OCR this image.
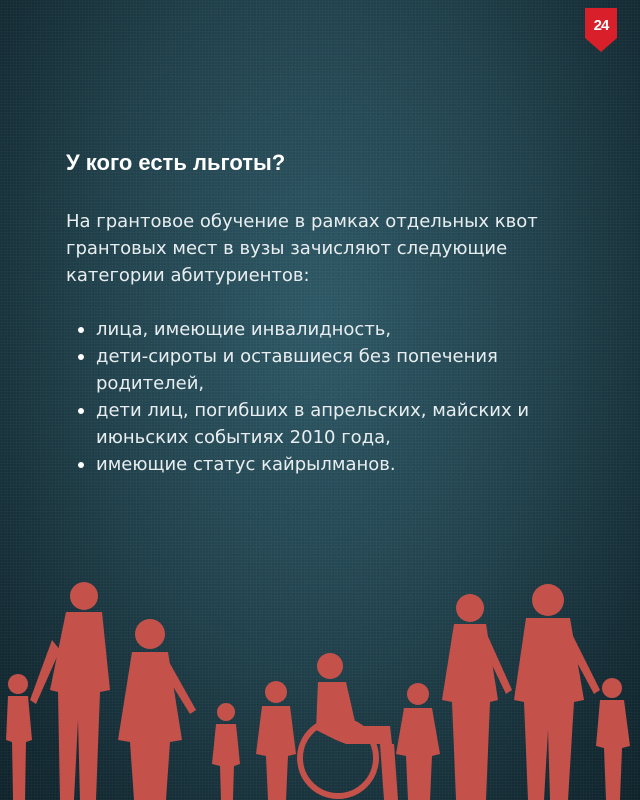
24
У кого есть льготы?

На грантовое обучение в рамках отдельных квот грантовых мест в вузы зачисляют следующие категории абитуриентов:

лица, имеющие инвалидность,
дети-сироты и оставшиеся без попечения родителей,
дети лиц, погибших в апрельских, майских и июньских событиях 2010 года,
имеющие статус кайрылманов.
